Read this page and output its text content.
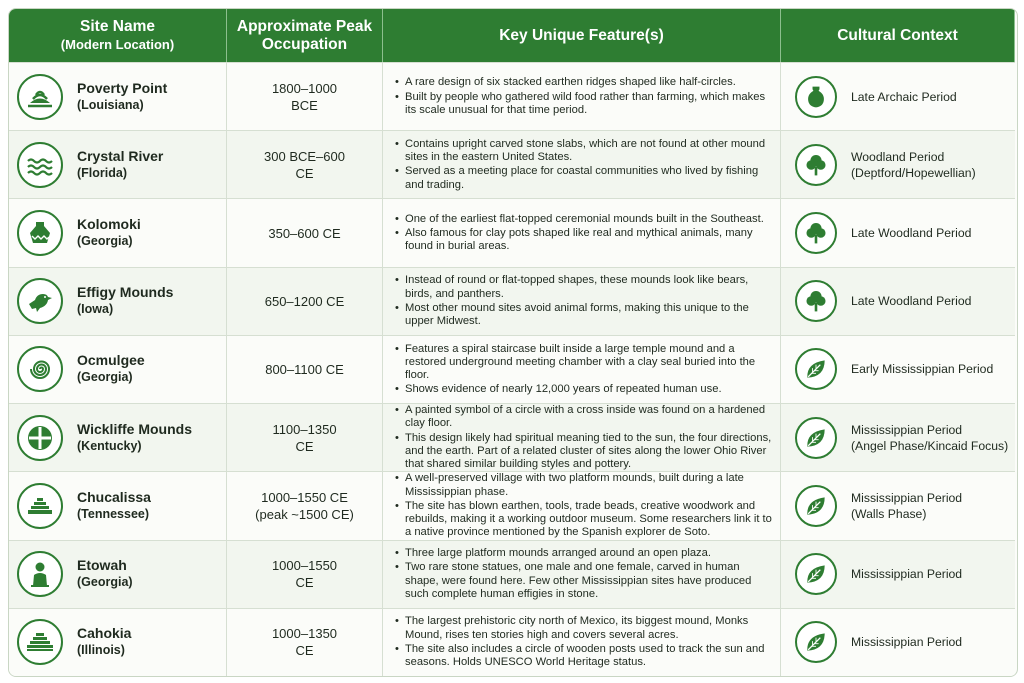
Site Name
(Modern Location)
Approximate Peak
Occupation
Key Unique Feature(s)	Cultural Context
Poverty Point
(Louisiana)
1800–1000
BCE
• A rare design of six stacked earthen ridges shaped like half-circles.
• Built by people who gathered wild food rather than farming, which makes its scale unusual for that time period.
Late Archaic Period
Crystal River
(Florida)
300 BCE–600
CE
• Contains upright carved stone slabs, which are not found at other mound sites in the eastern United States.
• Served as a meeting place for coastal communities who lived by fishing and trading.
Woodland Period
(Deptford/Hopewellian)
Kolomoki
(Georgia)
350–600 CE
• One of the earliest flat-topped ceremonial mounds built in the Southeast.
• Also famous for clay pots shaped like real and mythical animals, many found in burial areas.
Late Woodland Period
Effigy Mounds
(Iowa)
650–1200 CE
• Instead of round or flat-topped shapes, these mounds look like bears, birds, and panthers.
• Most other mound sites avoid animal forms, making this unique to the upper Midwest.
Late Woodland Period
Ocmulgee
(Georgia)
800–1100 CE
• Features a spiral staircase built inside a large temple mound and a restored underground meeting chamber with a clay seal buried into the floor.
• Shows evidence of nearly 12,000 years of repeated human use.
Early Mississippian Period
Wickliffe Mounds
(Kentucky)
1100–1350
CE
• A painted symbol of a circle with a cross inside was found on a hardened clay floor.
• This design likely had spiritual meaning tied to the sun, the four directions, and the earth. Part of a related cluster of sites along the lower Ohio River that shared similar building styles and pottery.
Mississippian Period
(Angel Phase/Kincaid Focus)
Chucalissa
(Tennessee)
1000–1550 CE
(peak ~1500 CE)
• A well-preserved village with two platform mounds, built during a late Mississippian phase.
• The site has blown earthen, tools, trade beads, creative woodwork and rebuilds, making it a working outdoor museum. Some researchers link it to a native province mentioned by the Spanish explorer de Soto.
Mississippian Period
(Walls Phase)
Etowah
(Georgia)
1000–1550
CE
• Three large platform mounds arranged around an open plaza.
• Two rare stone statues, one male and one female, carved in human shape, were found here. Few other Mississippian sites have produced such complete human effigies in stone.
Mississippian Period
Cahokia
(Illinois)
1000–1350
CE
• The largest prehistoric city north of Mexico, its biggest mound, Monks Mound, rises ten stories high and covers several acres.
• The site also includes a circle of wooden posts used to track the sun and seasons. Holds UNESCO World Heritage status.
Mississippian Period
